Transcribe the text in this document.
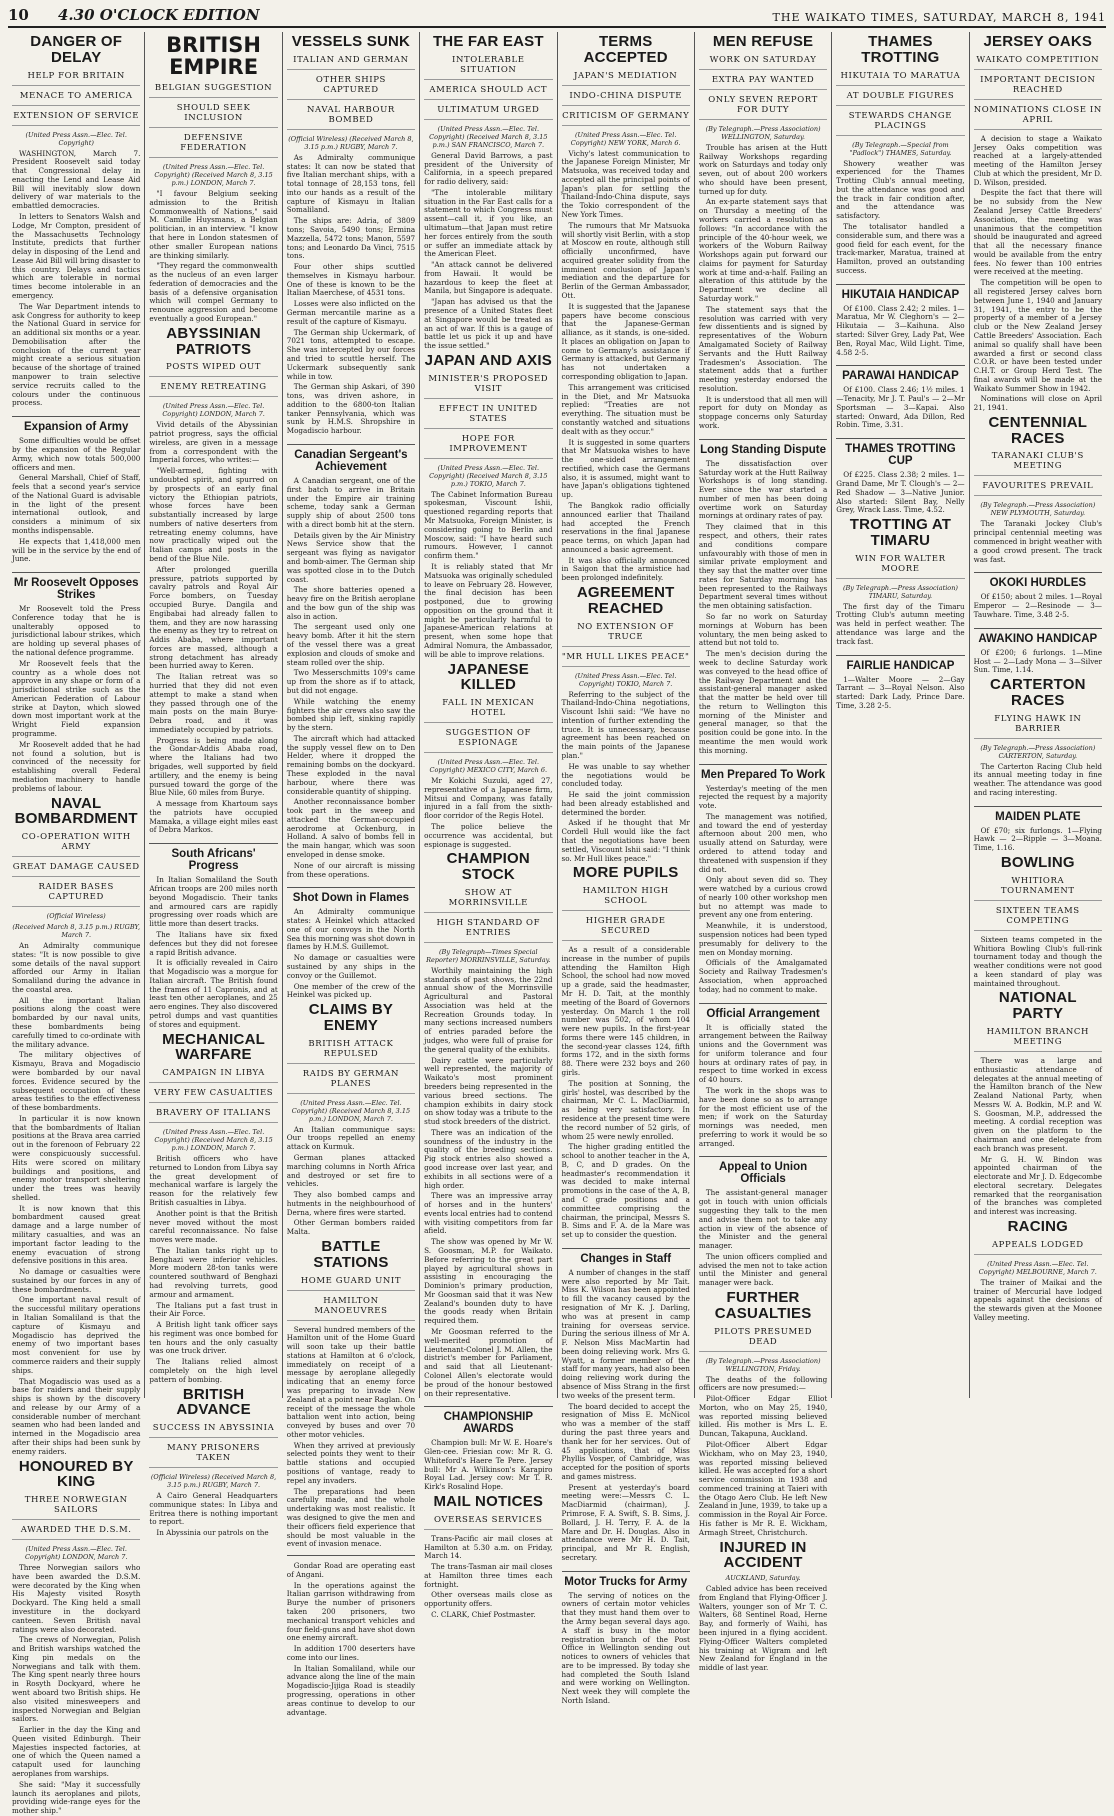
10	4.30 O'CLOCK EDITION	THE WAIKATO TIMES, SATURDAY, MARCH 8, 1941
DANGER OF DELAY
HELP FOR BRITAIN
MENACE TO AMERICA
EXTENSION OF SERVICE
(United Press Assn.—Elec. Tel. Copyright)

WASHINGTON, March 7. President Roosevelt said today that Congressional delay in enacting the Lend and Lease Aid Bill will inevitably slow down delivery of war materials to the embattled democracies.

In letters to Senators Walsh and Lodge, Mr Compton, president of the Massachusetts Technology Institute, predicts that further delay in disposing of the Lend and Lease Aid Bill will bring disaster to this country. Delays and tactics which are tolerable in normal times become intolerable in an emergency.

The War Department intends to ask Congress for authority to keep the National Guard in service for an additional six months or a year. Demobilisation after the conclusion of the current year might create a serious situation because of the shortage of trained manpower to train selective service recruits called to the colours under the continuous process.

Expansion of Army

Some difficulties would be offset by the expansion of the Regular Army, which now totals 500,000 officers and men.

General Marshall, Chief of Staff, feels that a second year's service of the National Guard is advisable in the light of the present international outlook, and considers a minimum of six months indispensable.

He expects that 1,418,000 men will be in the service by the end of June.

Mr Roosevelt Opposes Strikes

Mr Roosevelt told the Press Conference today that he is unalterably opposed to jurisdictional labour strikes, which are holding up several phases of the national defence programme.

Mr Roosevelt feels that the country as a whole does not approve in any shape or form of a jurisdictional strike such as the American Federation of Labour strike at Dayton, which slowed down most important work at the Wright Field expansion programme.

Mr Roosevelt added that he had not found a solution, but is convinced of the necessity for establishing overall Federal mediation machinery to handle problems of labour.

NAVAL BOMBARDMENT
CO-OPERATION WITH ARMY
GREAT DAMAGE CAUSED
RAIDER BASES CAPTURED
(Official Wireless)
(Received March 8, 3.15 p.m.) RUGBY, March 7.

An Admiralty communique states: "It is now possible to give some details of the naval support afforded our Army in Italian Somaliland during the advance in the coastal area.

All the important Italian positions along the coast were bombarded by our naval units, these bombardments being carefully timed to co-ordinate with the military advance.

The military objectives of Kismayu, Brava and Mogadiscio were bombarded by our naval forces. Evidence secured by the subsequent occupation of these areas testifies to the effectiveness of these bombardments.

In particular it is now known that the bombardments of Italian positions at the Brava area carried out in the forenoon of February 22 were conspicuously successful. Hits were scored on military buildings and positions, and enemy motor transport sheltering under the trees was heavily shelled.

It is now known that this bombardment caused great damage and a large number of military casualties, and was an important factor leading to the enemy evacuation of strong defensive positions in this area.

No damage or casualties were sustained by our forces in any of these bombardments.

One important naval result of the successful military operations in Italian Somaliland is that the capture of Kismayu and Mogadiscio has deprived the enemy of two important bases most convenient for use by commerce raiders and their supply ships.

That Mogadiscio was used as a base for raiders and their supply ships is shown by the discovery and release by our Army of a considerable number of merchant seamen who had been landed and interned in the Mogadiscio area after their ships had been sunk by enemy raiders.

HONOURED BY KING
THREE NORWEGIAN SAILORS
AWARDED THE D.S.M.
(United Press Assn.—Elec. Tel. Copyright) LONDON, March 7.

Three Norwegian sailors who have been awarded the D.S.M. were decorated by the King when His Majesty visited Rosyth Dockyard. The King held a small investiture in the dockyard canteen. Seven British naval ratings were also decorated.

The crews of Norwegian, Polish and British warships watched the King pin medals on the Norwegians and talk with them. The King spent nearly three hours in Rosyth Dockyard, where he went aboard two British ships. He also visited minesweepers and inspected Norwegian and Belgian sailors.

Earlier in the day the King and Queen visited Edinburgh. Their Majesties inspected factories, at one of which the Queen named a catapult used for launching aeroplanes from warships.

She said: "May it successfully launch its aeroplanes and pilots, providing wide-range eyes for the mother ship."

BRITISH EMPIRE
BELGIAN SUGGESTION
SHOULD SEEK INCLUSION
DEFENSIVE FEDERATION
(United Press Assn.—Elec. Tel. Copyright) (Received March 8, 3.15 p.m.) LONDON, March 7.

"I favour Belgium seeking admission to the British Commonwealth of Nations," said M. Camille Huysmans, a Belgian politician, in an interview. "I know that here in London statesmen of other smaller European nations are thinking similarly.

"They regard the commonwealth as the nucleus of an even larger federation of democracies and the basis of a defensive organisation which will compel Germany to renounce aggression and become eventually a good European."

ABYSSINIAN PATRIOTS
POSTS WIPED OUT
ENEMY RETREATING
(United Press Assn.—Elec. Tel. Copyright) LONDON, March 7.

Vivid details of the Abyssinian patriot progress, says the official wireless, are given in a message from a correspondent with the Imperial forces, who writes:—

"Well-armed, fighting with undoubted spirit, and spurred on by prospects of an early final victory the Ethiopian patriots, whose forces have been substantially increased by large numbers of native deserters from retreating enemy columns, have now practically wiped out the Italian camps and posts in the bend of the Blue Nile.

After prolonged guerilla pressure, patriots supported by cavalry patrols and Royal Air Force bombers, on Tuesday occupied Burye. Dangila and Engibabai had already fallen to them, and they are now harassing the enemy as they try to retreat on Addis Ababa, where important forces are massed, although a strong detachment has already been hurried away to Keren.

The Italian retreat was so hurried that they did not even attempt to make a stand when they passed through one of the main posts on the main Burye-Debra road, and it was immediately occupied by patriots.

Progress is being made along the Gondar-Addis Ababa road, where the Italians had two brigades, well supported by field artillery, and the enemy is being pursued toward the gorge of the Blue Nile, 60 miles from Burye.

A message from Khartoum says the patriots have occupied Mamaka, a village eight miles east of Debra Markos.

South Africans' Progress

In Italian Somaliland the South African troops are 200 miles north beyond Mogadiscio. Their tanks and armoured cars are rapidly progressing over roads which are little more than desert tracks.

The Italians have six fixed defences but they did not foresee a rapid British advance.

It is officially revealed in Cairo that Mogadiscio was a morgue for Italian aircraft. The British found the frames of 11 Capronis, and at least ten other aeroplanes, and 25 aero engines. They also discovered petrol dumps and vast quantities of stores and equipment.

MECHANICAL WARFARE
CAMPAIGN IN LIBYA
VERY FEW CASUALTIES
BRAVERY OF ITALIANS
(United Press Assn.—Elec. Tel. Copyright) (Received March 8, 3.15 p.m.) LONDON, March 7.

British officers who have returned to London from Libya say the great development of mechanical warfare is largely the reason for the relatively few British casualties in Libya.

Another point is that the British never moved without the most careful reconnaissance. No false moves were made.

The Italian tanks right up to Benghazi were inferior vehicles. More modern 28-ton tanks were countered southward of Benghazi had revolving turrets, good armour and armament.

The Italians put a fast trust in their Air Force.

A British light tank officer says his regiment was once bombed for ten hours and the only casualty was one truck driver.

The Italians relied almost completely on the high level pattern of bombing.

BRITISH ADVANCE
SUCCESS IN ABYSSINIA
MANY PRISONERS TAKEN
(Official Wireless) (Received March 8, 3.15 p.m.) RUGBY, March 7.

A Cairo General Headquarters communique states: In Libya and Eritrea there is nothing important to report.

In Abyssinia our patrols on the

VESSELS SUNK
ITALIAN AND GERMAN
OTHER SHIPS CAPTURED
NAVAL HARBOUR BOMBED
(Official Wireless) (Received March 8, 3.15 p.m.) RUGBY, March 7.

As Admiralty communique states: It can now be stated that five Italian merchant ships, with a total tonnage of 28,153 tons, fell into our hands as a result of the capture of Kismayu in Italian Somaliland.

The ships are: Adria, of 3809 tons; Savoia, 5490 tons; Ermina Mazzella, 5472 tons; Manon, 5597 tons; and Leonardo Da Vinci, 7515 tons.

Four other ships scuttled themselves in Kismayu harbour. One of these is known to be the Italian Maerchese, of 4531 tons.

Losses were also inflicted on the German mercantile marine as a result of the capture of Kismayu.

The German ship Uckermark, of 7021 tons, attempted to escape. She was intercepted by our forces and tried to scuttle herself. The Uckermark subsequently sank while in tow.

The German ship Askari, of 390 tons, was driven ashore, in addition to the 6800-ton Italian tanker Pennsylvania, which was sunk by H.M.S. Shropshire in Mogadiscio harbour.

Canadian Sergeant's Achievement

A Canadian sergeant, one of the first batch to arrive in Britain under the Empire air training scheme, today sank a German supply ship of about 2500 tons with a direct bomb hit at the stern.

Details given by the Air Ministry News Service show that the sergeant was flying as navigator and bomb-aimer. The German ship was spotted close in to the Dutch coast.

The shore batteries opened a heavy fire on the British aeroplane and the bow gun of the ship was also in action.

The sergeant used only one heavy bomb. After it hit the stern of the vessel there was a great explosion and clouds of smoke and steam rolled over the ship.

Two Messerschmitts 109's came up from the shore as if to attack, but did not engage.

While watching the enemy fighters the air crews also saw the bombed ship left, sinking rapidly by the stern.

The aircraft which had attacked the supply vessel flew on to Den Helder, where it dropped the remaining bombs on the dockyard. These exploded in the naval harbour, where there was considerable quantity of shipping.

Another reconnaissance bomber took part in the sweep and attacked the German-occupied aerodrome at Ockenburg, in Holland. A salvo of bombs fell in the main hangar, which was soon enveloped in dense smoke.

None of our aircraft is missing from these operations.

Shot Down in Flames

An Admiralty communique states: A Heinkel which attacked one of our convoys in the North Sea this morning was shot down in flames by H.M.S. Guillemot.

No damage or casualties were sustained by any ships in the convoy or the Guillemot.

One member of the crew of the Heinkel was picked up.

CLAIMS BY ENEMY
BRITISH ATTACK REPULSED
RAIDS BY GERMAN PLANES
(United Press Assn.—Elec. Tel. Copyright) (Received March 8, 3.15 p.m.) LONDON, March 7.

An Italian communique says: Our troops repelled an enemy attack on Kurmuk.

German planes attacked marching columns in North Africa and destroyed or set fire to vehicles.

They also bombed camps and hutments in the neighbourhood of Derna, where fires were started.

Other German bombers raided Malta.

BATTLE STATIONS
HOME GUARD UNIT
HAMILTON MANOEUVRES

Several hundred members of the Hamilton unit of the Home Guard will soon take up their battle stations at Hamilton at 6 o'clock, immediately on receipt of a message by aeroplane allegedly indicating that an enemy force was preparing to invade New Zealand at a point near Raglan. On receipt of the message the whole battalion went into action, being conveyed by buses and over 70 other motor vehicles.

When they arrived at previously selected points they went to their battle stations and occupied positions of vantage, ready to repel any invaders.

The preparations had been carefully made, and the whole undertaking was most realistic. It was designed to give the men and their officers field experience that should be most valuable in the event of invasion menace.

Gondar Road are operating east of Angani.

In the operations against the Italian garrison withdrawing from Burye the number of prisoners taken 200 prisoners, two mechanical transport vehicles and four field-guns and have shot down one enemy aircraft.

In addition 1700 deserters have come into our lines.

In Italian Somaliland, while our advance along the line of the main Mogadiscio-Jijiga Road is steadily progressing, operations in other areas continue to develop to our advantage.

THE FAR EAST
INTOLERABLE SITUATION
AMERICA SHOULD ACT
ULTIMATUM URGED
(United Press Assn.—Elec. Tel. Copyright) (Received March 8, 3.15 p.m.) SAN FRANCISCO, March 7.

General David Barrows, a past president of the University of California, in a speech prepared for radio delivery, said:

"The intolerable military situation in the Far East calls for a statement to which Congress must assent—call it, if you like, an ultimatum—that Japan must retire her forces entirely from the south or suffer an immediate attack by the American Fleet.

"An attack cannot be delivered from Hawaii. It would be hazardous to keep the fleet at Manila, but Singapore is adequate.

"Japan has advised us that the presence of a United States fleet at Singapore would be treated as an act of war. If this is a gauge of battle let us pick it up and have the issue settled."

JAPAN AND AXIS
MINISTER'S PROPOSED VISIT
EFFECT IN UNITED STATES
HOPE FOR IMPROVEMENT
(United Press Assn.—Elec. Tel. Copyright) (Received March 8, 3.15 p.m.) TOKIO, March 7.

The Cabinet Information Bureau spokesman, Viscount Ishii, questioned regarding reports that Mr Matsuoka, Foreign Minister, is considering going to Berlin and Moscow, said: "I have heard such rumours. However, I cannot confirm them."

It is reliably stated that Mr Matsuoka was originally scheduled to leave on February 28. However, the final decision has been postponed, due to growing opposition on the ground that it might be particularly harmful to Japanese-American relations at present, when some hope that Admiral Nomura, the Ambassador, will be able to improve relations.

JAPANESE KILLED
FALL IN MEXICAN HOTEL
SUGGESTION OF ESPIONAGE
(United Press Assn.—Elec. Tel. Copyright) MEXICO CITY, March 6.

Mr Kokichi Suzuki, aged 27, representative of a Japanese firm, Mitsui and Company, was fatally injured in a fall from the sixth-floor corridor of the Regis Hotel.

The police believe the occurrence was accidental, but espionage is suggested.

CHAMPION STOCK
SHOW AT MORRINSVILLE
HIGH STANDARD OF ENTRIES
(By Telegraph—Times Special Reporter) MORRINSVILLE, Saturday.

Worthily maintaining the high standards of past shows, the 22nd annual show of the Morrinsville Agricultural and Pastoral Association was held at the Recreation Grounds today. In many sections increased numbers of entries paraded before the judges, who were full of praise for the general quality of the exhibits.

Dairy cattle were particularly well represented, the majority of Waikato's most prominent breeders being represented in the various breed sections. The champion exhibits in dairy stock on show today was a tribute to the stud stock breeders of the district.

There was an indication of the soundness of the industry in the quality of the breeding sections. Pig stock entries also showed a good increase over last year, and exhibits in all sections were of a high order.

There was an impressive array of horses and in the hunters' events local entries had to contend with visiting competitors from far afield.

The show was opened by Mr W. S. Goosman, M.P. for Waikato. Before referring to the great part played by agricultural shows in assisting in encouraging the Dominion's primary production, Mr Goosman said that it was New Zealand's bounden duty to have the goods ready when Britain required them.

Mr Goosman referred to the well-merited promotion of Lieutenant-Colonel J. M. Allen, the district's member for Parliament, and said that all Lieutenant-Colonel Allen's electorate would be proud of the honour bestowed on their representative.

CHAMPIONSHIP AWARDS

Champion bull: Mr W. E. Hoare's Glen-cee. Friesian cow: Mr R. G. Whiteford's Haere Te Pere. Jersey bull: Mr A. Wilkinson's Karapiro Royal Lad. Jersey cow: Mr T. R. Kirk's Rosalind Hope.

MAIL NOTICES
OVERSEAS SERVICES

Trans-Pacific air mail closes at Hamilton at 5.30 a.m. on Friday, March 14.

The trans-Tasman air mail closes at Hamilton three times each fortnight.

Other overseas mails close as opportunity offers.

C. CLARK, Chief Postmaster.

TERMS ACCEPTED
JAPAN'S MEDIATION
INDO-CHINA DISPUTE
CRITICISM OF GERMANY
(United Press Assn.—Elec. Tel. Copyright) NEW YORK, March 6.

Vichy's latest communication to the Japanese Foreign Minister, Mr Matsuoka, was received today and accepted all the principal points of Japan's plan for settling the Thailand-Indo-China dispute, says the Tokio correspondent of the New York Times.

The rumours that Mr Matsuoka will shortly visit Berlin, with a stop at Moscow en route, although still officially unconfirmed, have acquired greater solidity from the imminent conclusion of Japan's mediation and the departure for Berlin of the German Ambassador, Ott.

It is suggested that the Japanese papers have become conscious that the Japanese-German alliance, as it stands, is one-sided. It places an obligation on Japan to come to Germany's assistance if Germany is attacked, but Germany has not undertaken a corresponding obligation to Japan.

This arrangement was criticised in the Diet, and Mr Matsuoka replied: "Treaties are not everything. The situation must be constantly watched and situations dealt with as they occur."

It is suggested in some quarters that Mr Matsuoka wishes to have the one-sided arrangement rectified, which case the Germans also, it is assumed, might want to have Japan's obligations tightened up.

The Bangkok radio officially announced earlier that Thailand had accepted the French reservations in the final Japanese peace terms, on which Japan had announced a basic agreement.

It was also officially announced in Saigon that the armistice had been prolonged indefinitely.

AGREEMENT REACHED
NO EXTENSION OF TRUCE
"MR HULL LIKES PEACE"
(United Press Assn.—Elec. Tel. Copyright) TOKIO, March 7.

Referring to the subject of the Thailand-Indo-China negotiations, Viscount Ishii said: "We have no intention of further extending the truce. It is unnecessary, because agreement has been reached on the main points of the Japanese plan."

He was unable to say whether the negotiations would be concluded today.

He said the joint commission had been already established and determined the border.

Asked if he thought that Mr Cordell Hull would like the fact that the negotiations have been settled, Viscount Ishii said: "I think so. Mr Hull likes peace."

MORE PUPILS
HAMILTON HIGH SCHOOL
HIGHER GRADE SECURED

As a result of a considerable increase in the number of pupils attending the Hamilton High School, the school had now moved up a grade, said the headmaster, Mr H. D. Tait, at the monthly meeting of the Board of Governors yesterday. On March 1 the roll number was 502, of whom 104 were new pupils. In the first-year forms there were 145 children, in the second-year classes 124, fifth forms 172, and in the sixth forms 88. There were 232 boys and 260 girls.

The position at Sonning, the girls' hostel, was described by the chairman, Mr C. L. MacDiarmid, as being very satisfactory. In residence at the present time were the record number of 52 girls, of whom 25 were newly enrolled.

The higher grading entitled the school to another teacher in the A, B, C, and D grades. On the headmaster's recommendation it was decided to make internal promotions in the case of the A, B, and C grade positions and a committee comprising the chairman, the principal, Messrs S. B. Sims and F. A. de la Mare was set up to consider the question.

Changes in Staff

A number of changes in the staff were also reported by Mr Tait. Miss K. Wilson has been appointed to fill the vacancy caused by the resignation of Mr K. J. Darling, who was at present in camp training for overseas service. During the serious illness of Mr A. F. Nelson Miss MacMartin had been doing relieving work. Mrs G. Wyatt, a former member of the staff for many years, had also been doing relieving work during the absence of Miss Strang in the first two weeks of the present term.

The board decided to accept the resignation of Miss E. McNicol who was a member of the staff during the past three years and thank her for her services. Out of 45 applications, that of Miss Phyllis Vosper, of Cambridge, was accepted for the position of sports and games mistress.

Present at yesterday's board meeting were:—Messrs C. L. MacDiarmid (chairman), J. Primrose, F. A. Swift, S. B. Sims, J. Bollard, J. H. Terry, F. A. de la Mare and Dr. H. Douglas. Also in attendance were Mr H. D. Tait, principal, and Mr R. English, secretary.

Motor Trucks for Army

The serving of notices on the owners of certain motor vehicles that they must hand them over to the Army began several days ago. A staff is busy in the motor registration branch of the Post Office in Wellington sending out notices to owners of vehicles that are to be impressed. By today she had completed the South Island and were working on Wellington. Next week they will complete the North Island.

MEN REFUSE
WORK ON SATURDAY
EXTRA PAY WANTED
ONLY SEVEN REPORT FOR DUTY
(By Telegraph.—Press Association) WELLINGTON, Saturday.

Trouble has arisen at the Hutt Railway Workshops regarding work on Saturdays and today only seven, out of about 200 workers who should have been present, turned up for duty.

An ex-parte statement says that on Thursday a meeting of the workers carried a resolution as follows: "In accordance with the principle of the 40-hour week, we workers of the Woburn Railway Workshops again put forward our claims for payment for Saturday work at time and-a-half. Failing an alteration of this attitude by the Department we decline all Saturday work."

The statement says that the resolution was carried with very few dissentients and is signed by representatives of the Woburn Amalgamated Society of Railway Servants and the Hutt Railway Tradesmen's Association. The statement adds that a further meeting yesterday endorsed the resolution.

It is understood that all men will report for duty on Monday as stoppage concerns only Saturday work.

Long Standing Dispute

The dissatisfaction over Saturday work at the Hutt Railway Workshops is of long standing. Ever since the war started a number of men has been doing overtime work on Saturday mornings at ordinary rates of pay.

They claimed that in this respect, and others, their rates and conditions compare unfavourably with those of men in similar private employment and they say that the matter over time rates for Saturday morning has been represented to the Railways Department several times without the men obtaining satisfaction.

So far no work on Saturday mornings at Woburn has been voluntary, the men being asked to attend but not told to.

The men's decision during the week to decline Saturday work was conveyed to the head office of the Railway Department and the assistant-general manager asked that the matter be held over till the return to Wellington this morning of the Minister and general manager, so that the position could be gone into. In the meantime the men would work this morning.

Men Prepared To Work

Yesterday's meeting of the men rejected the request by a majority vote.

The management was notified, and toward the end of yesterday afternoon about 200 men, who usually attend on Saturday, were ordered to attend today and threatened with suspension if they did not.

Only about seven did so. They were watched by a curious crowd of nearly 100 other workshop men but no attempt was made to prevent any one from entering.

Meanwhile, it is understood, suspension notices had been typed presumably for delivery to the men on Monday morning.

Officials of the Amalgamated Society and Railway Tradesmen's Association, when approached today, had no comment to make.

Official Arrangement

It is officially stated the arrangement between the Railway unions and the Government was for uniform tolerance and four hours at ordinary rates of pay, in respect to time worked in excess of 40 hours.

The work in the shops was to have been done so as to arrange for the most efficient use of the men; if work on the Saturday mornings was needed, men preferring to work it would be so arranged.

Appeal to Union Officials

The assistant-general manager got in touch with union officials suggesting they talk to the men and advise them not to take any action in view of the absence of the Minister and the general manager.

The union officers complied and advised the men not to take action until the Minister and general manager were back.

FURTHER CASUALTIES
PILOTS PRESUMED DEAD
(By Telegraph.—Press Association) WELLINGTON, Friday.

The deaths of the following officers are now presumed:—

Pilot-Officer Edgar Elliot Morton, who on May 25, 1940, was reported missing believed killed. His mother is Mrs L. E. Duncan, Takapuna, Auckland.

Pilot-Officer Albert Edgar Wickham, who on May 23, 1940, was reported missing believed killed. He was accepted for a short service commission in 1938 and commenced training at Taieri with the Otago Aero Club. He left New Zealand in June, 1939, to take up a commission in the Royal Air Force. His father is Mr R. E. Wickham, Armagh Street, Christchurch.

INJURED IN ACCIDENT
AUCKLAND, Saturday.

Cabled advice has been received from England that Flying-Officer J. Walters, younger son of Mr T. C. Walters, 68 Sentinel Road, Herne Bay, and formerly of Waihi, has been injured in a flying accident. Flying-Officer Walters completed his training at Wigram and left New Zealand for England in the middle of last year.

THAMES TROTTING
HIKUTAIA TO MARATUA
AT DOUBLE FIGURES
STEWARDS CHANGE PLACINGS
(By Telegraph.—Special from "Padlock") THAMES, Saturday.

Showery weather was experienced for the Thames Trotting Club's annual meeting, but the attendance was good and the track in fair condition after, and the attendance was satisfactory.

The totalisator handled a considerable sum, and there was a good field for each event, for the track-marker, Maratua, trained at Hamilton, proved an outstanding success.

HIKUTAIA HANDICAP

Of £100. Class 2.42; 2 miles. 1—Maratua, Mr W. Cleghorn's — 2—Hikutaia — 3—Kaihuna. Also started: Silver Grey, Lady Pat, Wee Ben, Royal Mac, Wild Light. Time, 4.58 2-5.

PARAWAI HANDICAP

Of £100. Class 2.46; 1½ miles. 1—Tenacity, Mr J. T. Paul's — 2—Mr Sportsman — 3—Kapai. Also started: Onward, Ada Dillon, Red Robin. Time, 3.31.

THAMES TROTTING CUP

Of £225. Class 2.38; 2 miles. 1—Grand Dame, Mr T. Clough's — 2—Red Shadow — 3—Native Junior. Also started: Silent Bay, Nelly Grey, Wrack Lass. Time, 4.52.

TROTTING AT TIMARU
WIN FOR WALTER MOORE
(By Telegraph.—Press Association) TIMARU, Saturday.

The first day of the Timaru Trotting Club's autumn meeting was held in perfect weather. The attendance was large and the track fast.

FAIRLIE HANDICAP

1—Walter Moore — 2—Gay Tarrant — 3—Royal Nelson. Also started: Dark Lady, Prince Dare. Time, 3.28 2-5.

JERSEY OAKS
WAIKATO COMPETITION
IMPORTANT DECISION REACHED
NOMINATIONS CLOSE IN APRIL

A decision to stage a Waikato Jersey Oaks competition was reached at a largely-attended meeting of the Hamilton Jersey Club at which the president, Mr D. D. Wilson, presided.

Despite the fact that there will be no subsidy from the New Zealand Jersey Cattle Breeders' Association, the meeting was unanimous that the competition should be inaugurated and agreed that all the necessary finance would be available from the entry fees. No fewer than 100 entries were received at the meeting.

The competition will be open to all registered Jersey calves born between June 1, 1940 and January 31, 1941, the entry to be the property of a member of a Jersey club or the New Zealand Jersey Cattle Breeders' Association. Each animal so qualify shall have been awarded a first or second class C.O.R. or have been tested under C.H.T. or Group Herd Test. The final awards will be made at the Waikato Summer Show in 1942.

Nominations will close on April 21, 1941.

CENTENNIAL RACES
TARANAKI CLUB'S MEETING
FAVOURITES PREVAIL
(By Telegraph.—Press Association) NEW PLYMOUTH, Saturday.

The Taranaki Jockey Club's principal centennial meeting was commenced in bright weather with a good crowd present. The track was fast.

OKOKI HURDLES

Of £150; about 2 miles. 1—Royal Emperor — 2—Resinode — 3—Tauwhare. Time, 3.48 2-5.

AWAKINO HANDICAP

Of £200; 6 furlongs. 1—Mine Host — 2—Lady Mona — 3—Silver Sun. Time, 1.14.

CARTERTON RACES
FLYING HAWK IN BARRIER
(By Telegraph.—Press Association) CARTERTON, Saturday.

The Carterton Racing Club held its annual meeting today in fine weather. The attendance was good and racing interesting.

MAIDEN PLATE

Of £70; six furlongs. 1—Flying Hawk — 2—Ripple — 3—Moana. Time, 1.16.

BOWLING
WHITIORA TOURNAMENT
SIXTEEN TEAMS COMPETING

Sixteen teams competed in the Whitiora Bowling Club's full-rink tournament today and though the weather conditions were not good a keen standard of play was maintained throughout.

NATIONAL PARTY
HAMILTON BRANCH MEETING

There was a large and enthusiastic attendance of delegates at the annual meeting of the Hamilton branch of the New Zealand National Party, when Messrs W. A. Bodkin, M.P. and W. S. Goosman, M.P., addressed the meeting. A cordial reception was given on the platform to the chairman and one delegate from each branch was present.

Mr G. H. W. Bindon was appointed chairman of the electorate and Mr J. D. Edgecombe electoral secretary. Delegates remarked that the reorganisation of the branches was completed and interest was increasing.

RACING
APPEALS LODGED
(United Press Assn.—Elec. Tel. Copyright) MELBOURNE, March 7.

The trainer of Maikai and the trainer of Mercurial have lodged appeals against the decisions of the stewards given at the Moonee Valley meeting.
